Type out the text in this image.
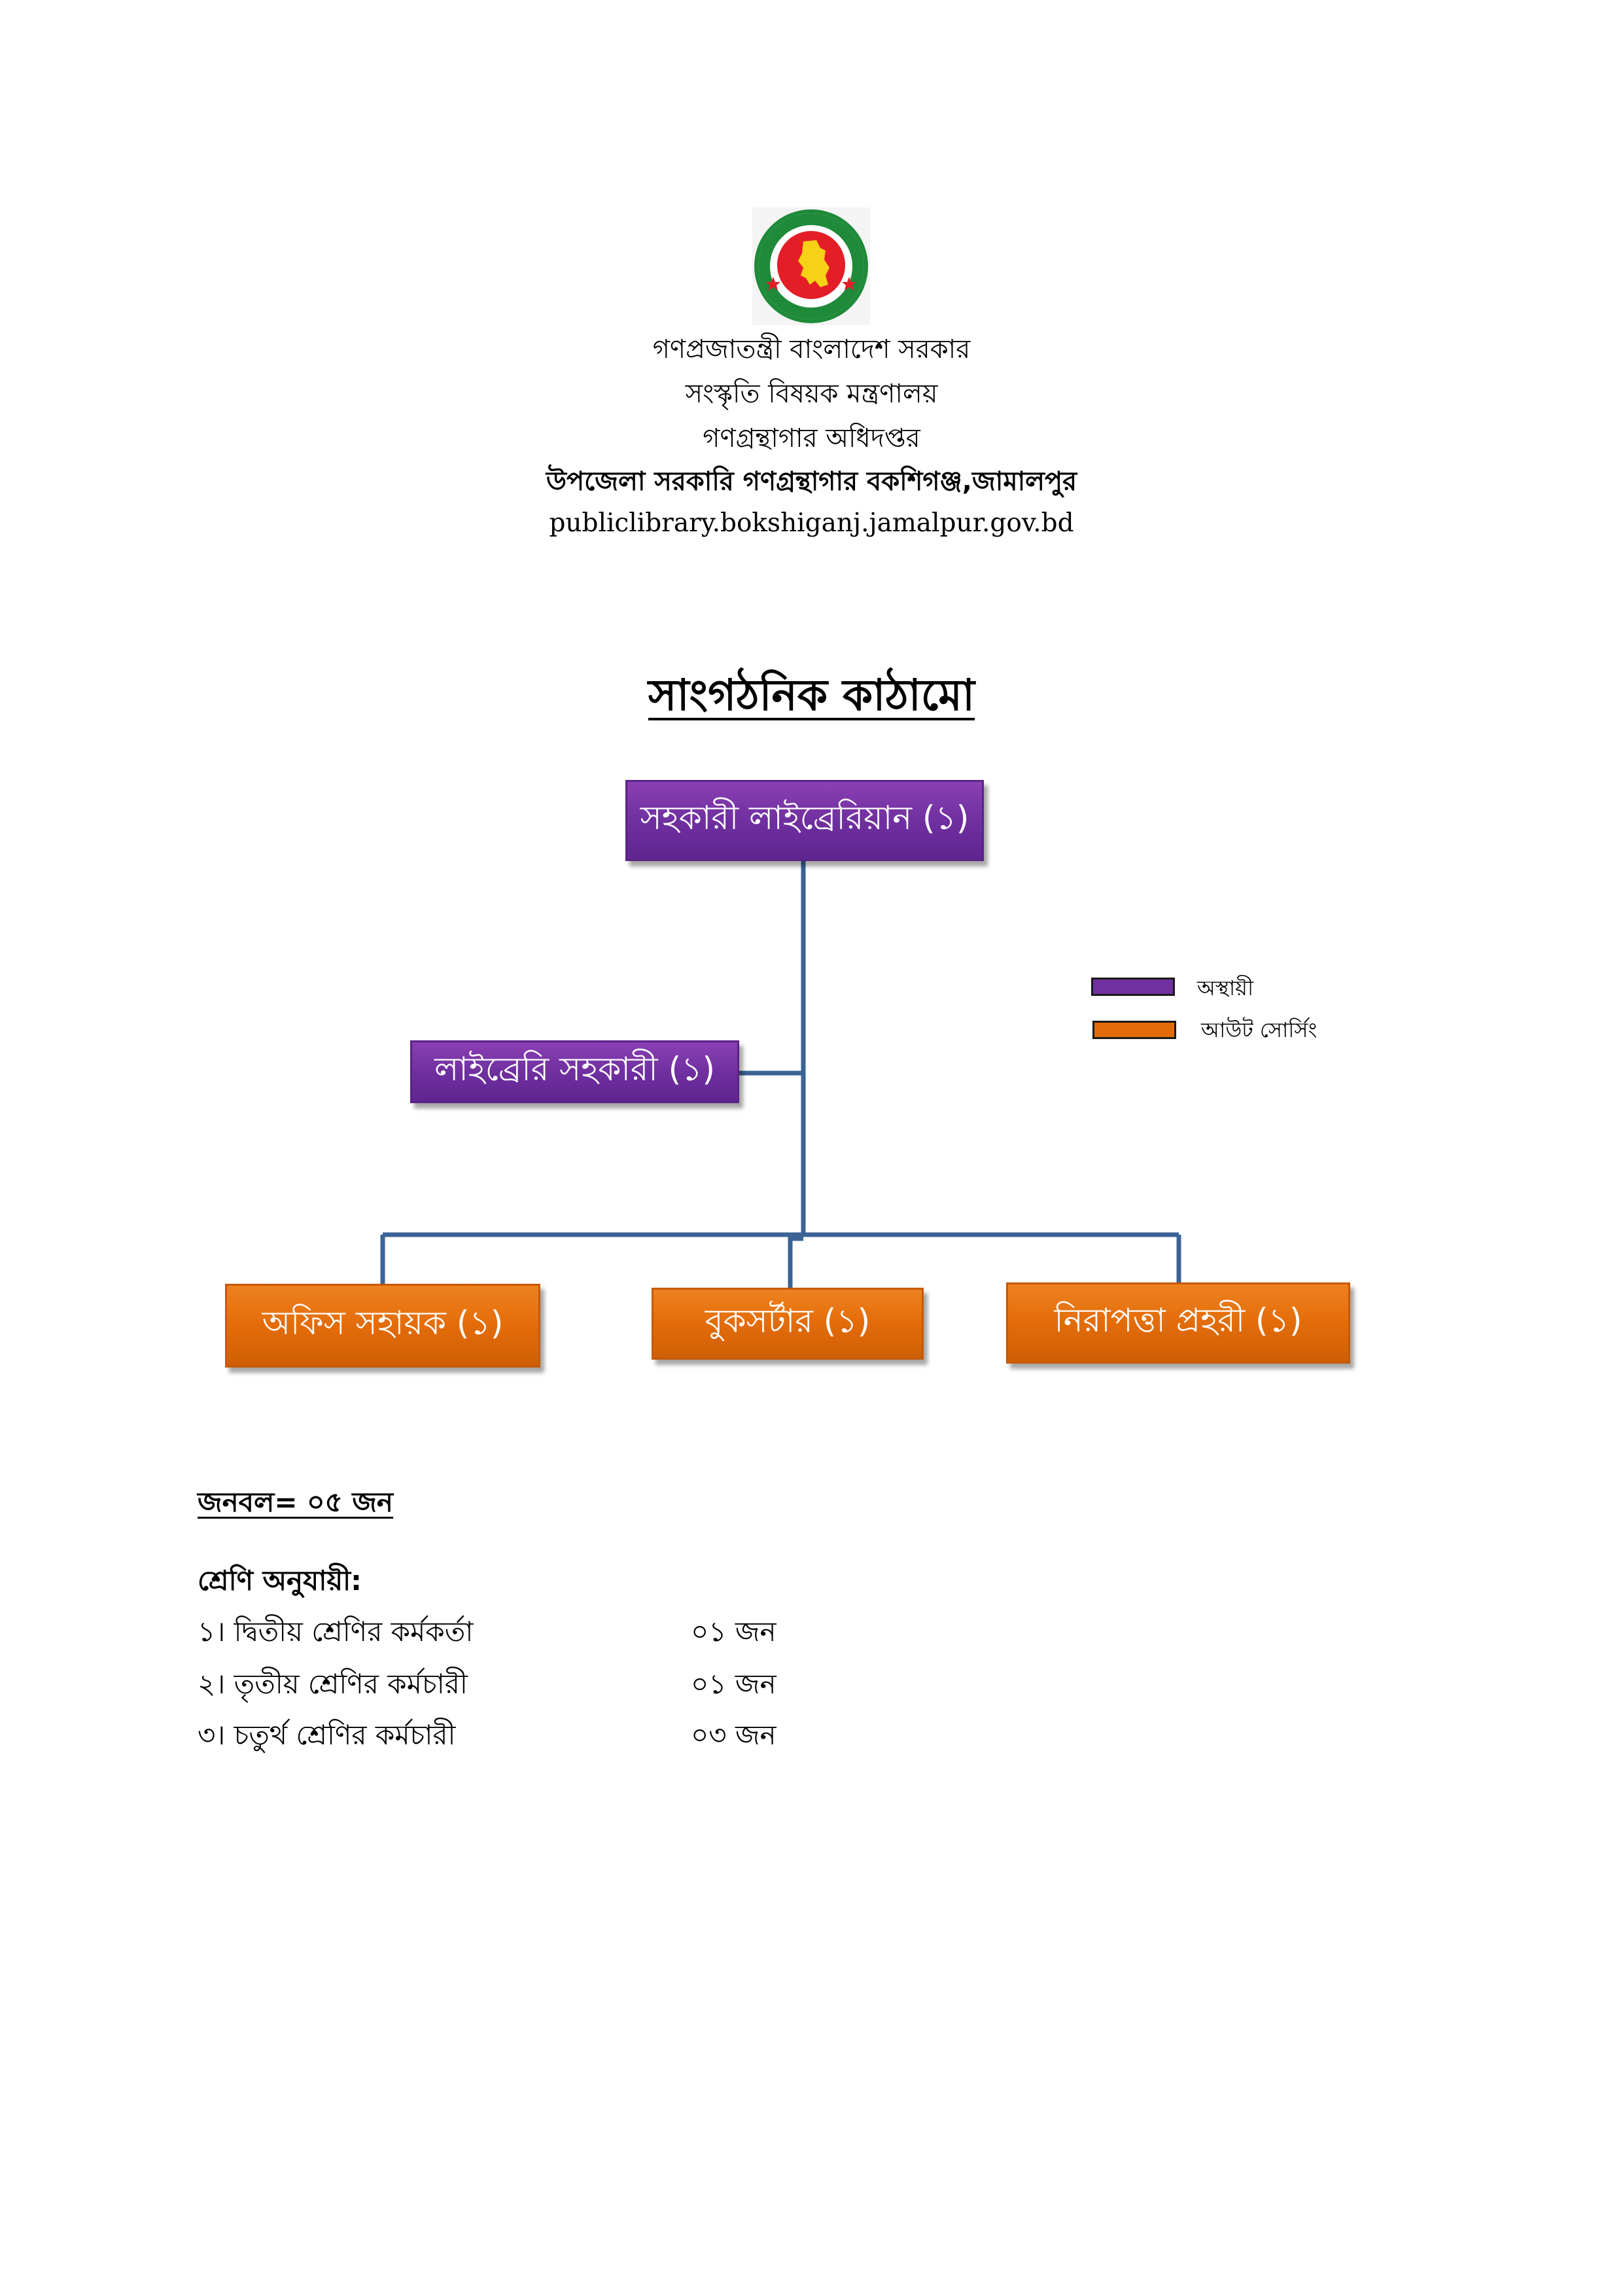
গণপ্রজাতন্ত্রী বাংলাদেশ সরকার
সংস্কৃতি বিষয়ক মন্ত্রণালয়
গণগ্রন্থাগার অধিদপ্তর
উপজেলা সরকারি গণগ্রন্থাগার বকশিগঞ্জ,জামালপুর
publiclibrary.bokshiganj.jamalpur.gov.bd
সাংগঠনিক কাঠামো
সহকারী লাইব্রেরিয়ান (১)
লাইব্রেরি সহকারী (১)
অফিস সহায়ক (১)	বুকসর্টার (১)	নিরাপত্তা প্রহরী (১)
অস্থায়ী
আউট সোর্সিং
জনবল= ০৫ জন
শ্রেণি অনুযায়ী:
১। দ্বিতীয় শ্রেণির কর্মকর্তা	০১ জন
২। তৃতীয় শ্রেণির কর্মচারী	০১ জন
৩। চতুর্থ শ্রেণির কর্মচারী	০৩ জন
